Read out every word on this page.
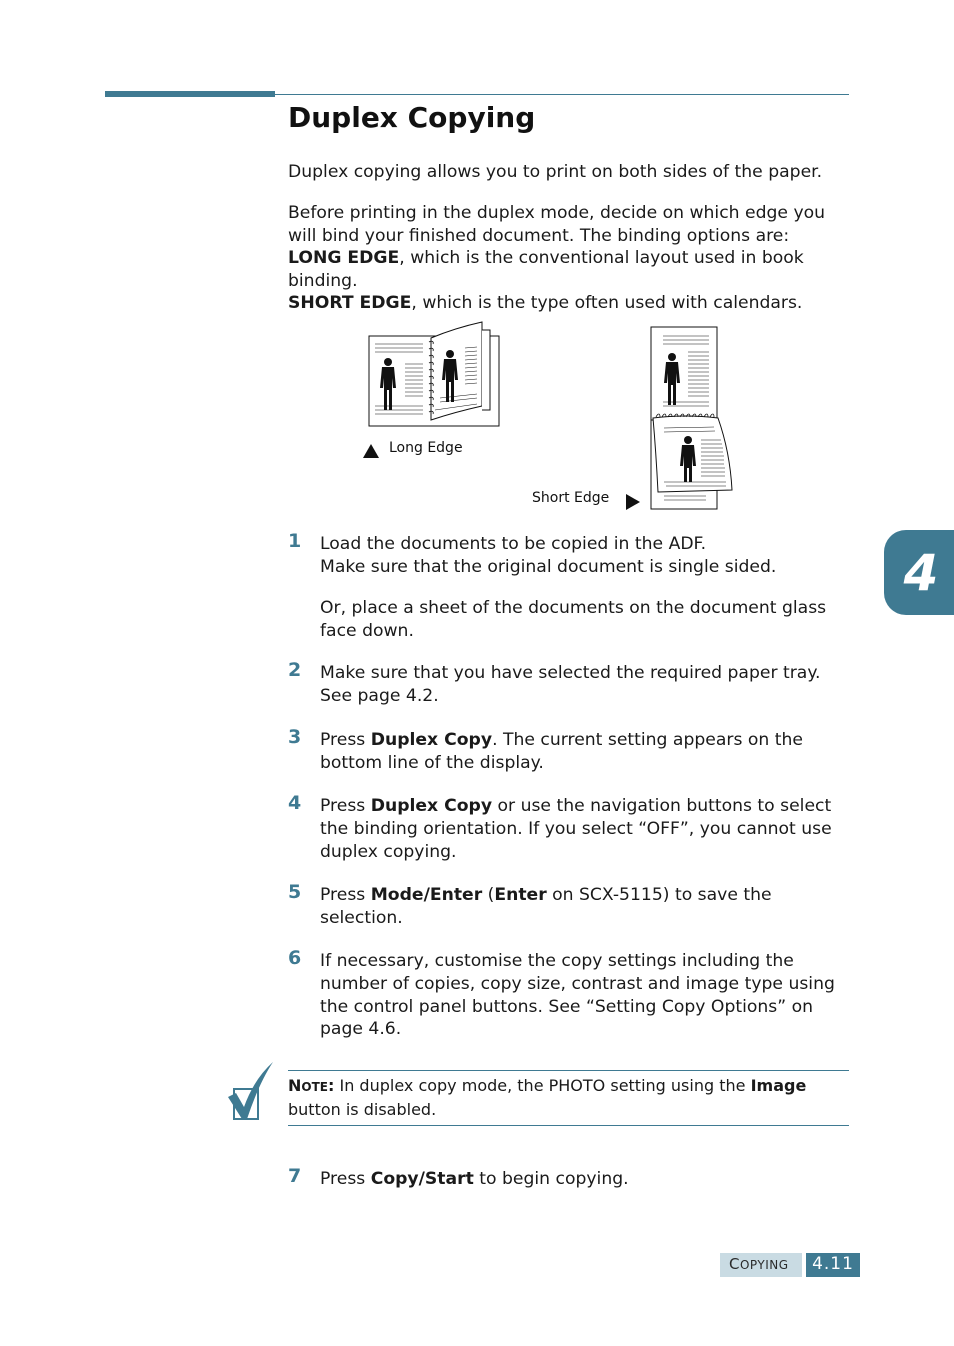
Duplex Copying

Duplex copying allows you to print on both sides of the paper.

Before printing in the duplex mode, decide on which edge you will bind your finished document. The binding options are:
LONG EDGE, which is the conventional layout used in book binding.
SHORT EDGE, which is the type often used with calendars.
Long Edge
Short Edge
4
1 Load the documents to be copied in the ADF.
Make sure that the original document is single sided.

Or, place a sheet of the documents on the document glass face down.

2 Make sure that you have selected the required paper tray. See page 4.2.

3 Press Duplex Copy. The current setting appears on the bottom line of the display.

4 Press Duplex Copy or use the navigation buttons to select the binding orientation. If you select “OFF”, you cannot use duplex copying.

5 Press Mode/Enter (Enter on SCX-5115) to save the selection.

6 If necessary, customise the copy settings including the number of copies, copy size, contrast and image type using the control panel buttons. See “Setting Copy Options” on page 4.6.

NOTE: In duplex copy mode, the PHOTO setting using the Image button is disabled.

7 Press Copy/Start to begin copying.

COPYING	4.11
